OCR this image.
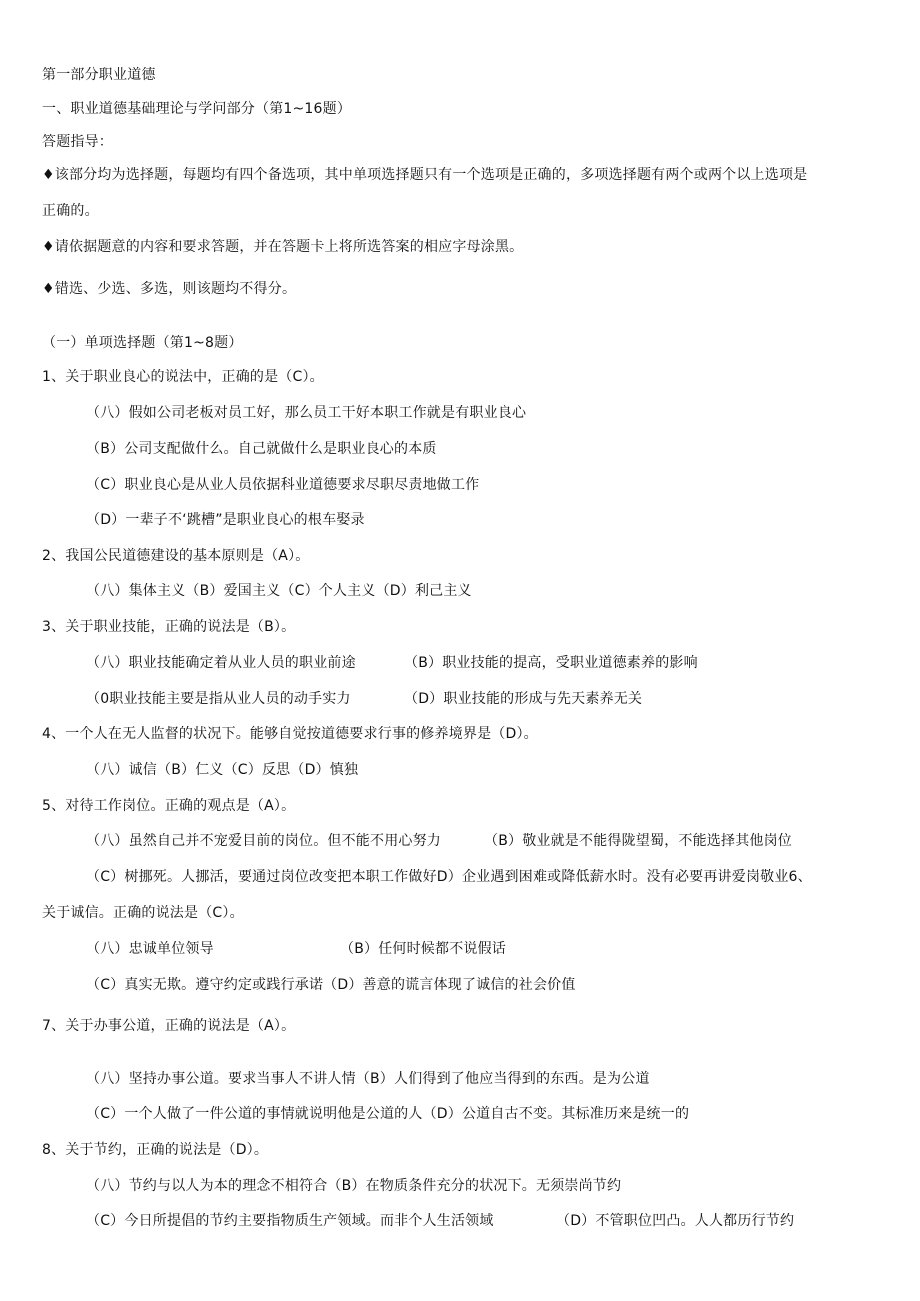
第一部分职业道德
一、职业道德基础理论与学问部分（第1~16题）
答题指导：
♦该部分均为选择题，每题均有四个备选项，其中单项选择题只有一个选项是正确的，多项选择题有两个或两个以上选项是
正确的。
♦请依据题意的内容和要求答题，并在答题卡上将所选答案的相应字母涂黑。
♦错选、少选、多选，则该题均不得分。
（一）单项选择题（第1~8题）
1、关于职业良心的说法中，正确的是（C）。
（八）假如公司老板对员工好，那么员工干好本职工作就是有职业良心
（B）公司支配做什么。自己就做什么是职业良心的本质
（C）职业良心是从业人员依据科业道德要求尽职尽责地做工作
（D）一辈子不‘跳槽”是职业良心的根车娶录
2、我国公民道德建设的基本原则是（A）。
（八）集体主义（B）爱国主义（C）个人主义（D）利己主义
3、关于职业技能，正确的说法是（B）。
（八）职业技能确定着从业人员的职业前途	（B）职业技能的提高，受职业道德素养的影响
（0职业技能主要是指从业人员的动手实力	（D）职业技能的形成与先天素养无关
4、一个人在无人监督的状况下。能够自觉按道德要求行事的修养境界是（D）。
（八）诚信（B）仁义（C）反思（D）慎独
5、对待工作岗位。正确的观点是（A）。
（八）虽然自己并不宠爱目前的岗位。但不能不用心努力	（B）敬业就是不能得陇望蜀，不能选择其他岗位
（C）树挪死。人挪活，要通过岗位改变把本职工作做好D）企业遇到困难或降低薪水时。没有必要再讲爱岗敬业6、
关于诚信。正确的说法是（C）。
（八）忠诚单位领导	（B）任何时候都不说假话
（C）真实无欺。遵守约定或践行承诺（D）善意的谎言体现了诚信的社会价值
7、关于办事公道，正确的说法是（A）。
（八）坚持办事公道。要求当事人不讲人情（B）人们得到了他应当得到的东西。是为公道
（C）一个人做了一件公道的事情就说明他是公道的人（D）公道自古不变。其标准历来是统一的
8、关于节约，正确的说法是（D）。
（八）节约与以人为本的理念不相符合（B）在物质条件充分的状况下。无须崇尚节约
（C）今日所提倡的节约主要指物质生产领域。而非个人生活领域	（D）不管职位凹凸。人人都历行节约
